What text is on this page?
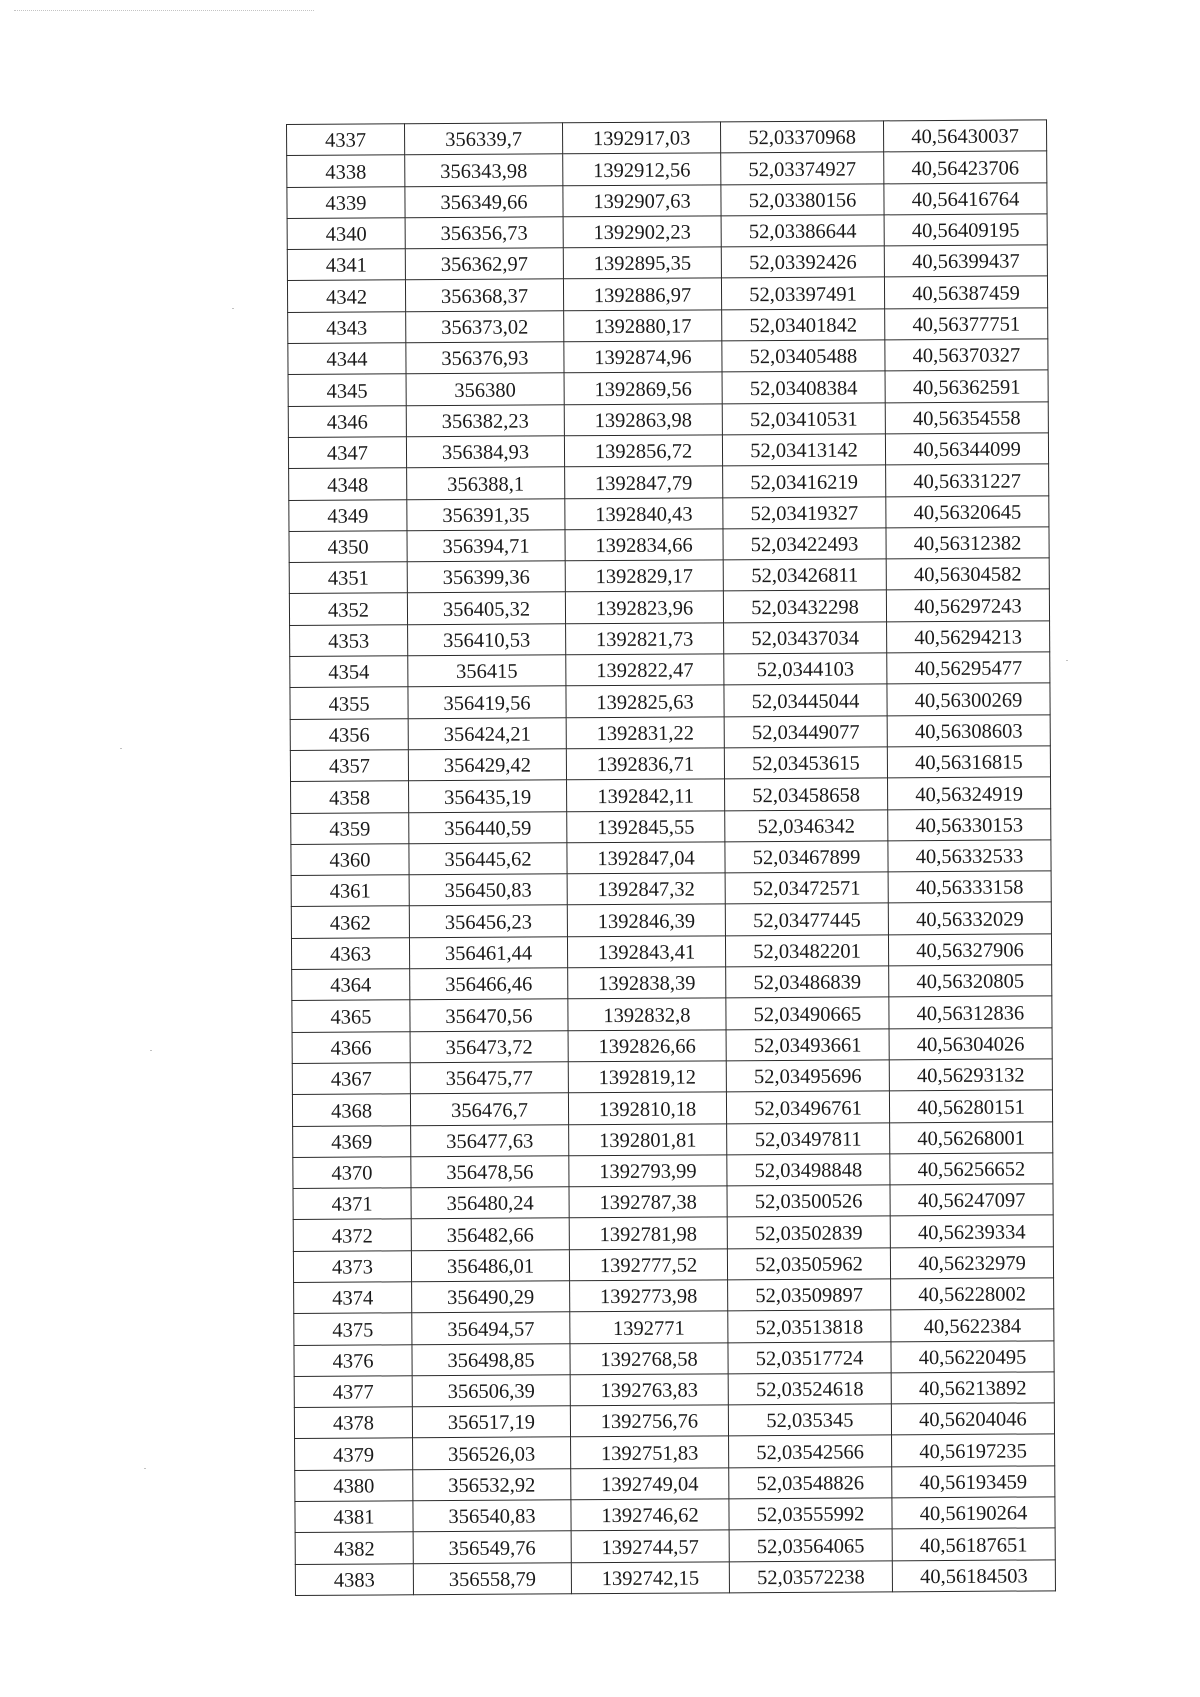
4337	356339,7	1392917,03	52,03370968	40,56430037
4338	356343,98	1392912,56	52,03374927	40,56423706
4339	356349,66	1392907,63	52,03380156	40,56416764
4340	356356,73	1392902,23	52,03386644	40,56409195
4341	356362,97	1392895,35	52,03392426	40,56399437
4342	356368,37	1392886,97	52,03397491	40,56387459
4343	356373,02	1392880,17	52,03401842	40,56377751
4344	356376,93	1392874,96	52,03405488	40,56370327
4345	356380	1392869,56	52,03408384	40,56362591
4346	356382,23	1392863,98	52,03410531	40,56354558
4347	356384,93	1392856,72	52,03413142	40,56344099
4348	356388,1	1392847,79	52,03416219	40,56331227
4349	356391,35	1392840,43	52,03419327	40,56320645
4350	356394,71	1392834,66	52,03422493	40,56312382
4351	356399,36	1392829,17	52,03426811	40,56304582
4352	356405,32	1392823,96	52,03432298	40,56297243
4353	356410,53	1392821,73	52,03437034	40,56294213
4354	356415	1392822,47	52,0344103	40,56295477
4355	356419,56	1392825,63	52,03445044	40,56300269
4356	356424,21	1392831,22	52,03449077	40,56308603
4357	356429,42	1392836,71	52,03453615	40,56316815
4358	356435,19	1392842,11	52,03458658	40,56324919
4359	356440,59	1392845,55	52,0346342	40,56330153
4360	356445,62	1392847,04	52,03467899	40,56332533
4361	356450,83	1392847,32	52,03472571	40,56333158
4362	356456,23	1392846,39	52,03477445	40,56332029
4363	356461,44	1392843,41	52,03482201	40,56327906
4364	356466,46	1392838,39	52,03486839	40,56320805
4365	356470,56	1392832,8	52,03490665	40,56312836
4366	356473,72	1392826,66	52,03493661	40,56304026
4367	356475,77	1392819,12	52,03495696	40,56293132
4368	356476,7	1392810,18	52,03496761	40,56280151
4369	356477,63	1392801,81	52,03497811	40,56268001
4370	356478,56	1392793,99	52,03498848	40,56256652
4371	356480,24	1392787,38	52,03500526	40,56247097
4372	356482,66	1392781,98	52,03502839	40,56239334
4373	356486,01	1392777,52	52,03505962	40,56232979
4374	356490,29	1392773,98	52,03509897	40,56228002
4375	356494,57	1392771	52,03513818	40,5622384
4376	356498,85	1392768,58	52,03517724	40,56220495
4377	356506,39	1392763,83	52,03524618	40,56213892
4378	356517,19	1392756,76	52,035345	40,56204046
4379	356526,03	1392751,83	52,03542566	40,56197235
4380	356532,92	1392749,04	52,03548826	40,56193459
4381	356540,83	1392746,62	52,03555992	40,56190264
4382	356549,76	1392744,57	52,03564065	40,56187651
4383	356558,79	1392742,15	52,03572238	40,56184503
